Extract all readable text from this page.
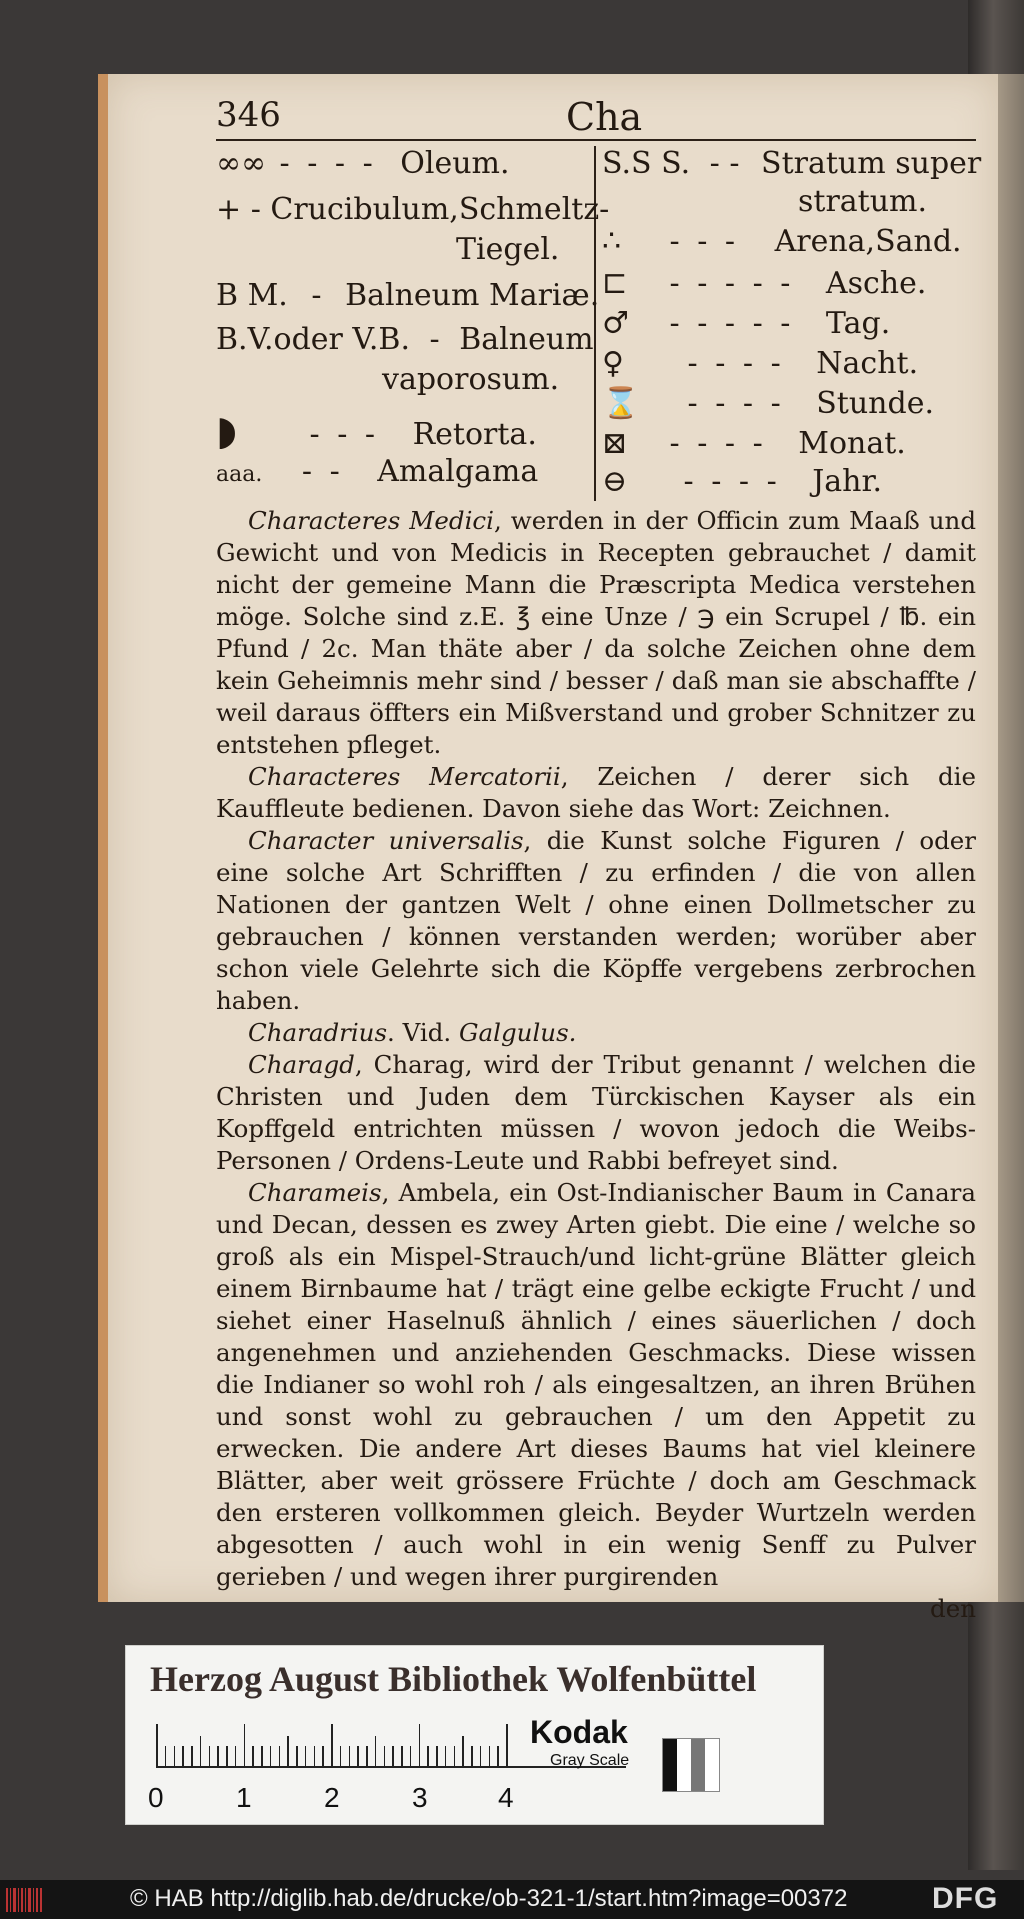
346	Cha
∞∞ - - - - Oleum.
+ - Crucibulum,Schmeltz-
Tiegel.
B M. - Balneum Mariæ.
B.V.oder V.B. - Balneum
vaporosum.
◗ - - - Retorta.
aaa. - - Amalgama
S.S S. - - Stratum super
stratum.
∴ - - - Arena,Sand.
⊏ - - - - - Asche.
♂ - - - - - Tag.
♀ - - - - Nacht.
⌛ - - - - Stunde.
⊠ - - - - Monat.
⊖ - - - - Jahr.

Characteres Medici, werden in der Officin zum Maaß und Gewicht und von Medicis in Recepten gebrauchet / damit nicht der gemeine Mann die Præscripta Medica verstehen möge. Solche sind z.E. ℥ eine Unze / ℈ ein Scrupel / ℔. ein Pfund / 2c. Man thäte aber / da solche Zeichen ohne dem kein Geheimnis mehr sind / besser / daß man sie abschaffte / weil daraus öffters ein Mißverstand und grober Schnitzer zu entstehen pfleget.

Characteres Mercatorii, Zeichen / derer sich die Kauffleute bedienen. Davon siehe das Wort: Zeichnen.

Character universalis, die Kunst solche Figuren / oder eine solche Art Schrifften / zu erfinden / die von allen Nationen der gantzen Welt / ohne einen Dollmetscher zu gebrauchen / können verstanden werden; worüber aber schon viele Gelehrte sich die Köpffe vergebens zerbrochen haben.

Charadrius. Vid. Galgulus.

Charagd, Charag, wird der Tribut genannt / welchen die Christen und Juden dem Türckischen Kayser als ein Kopffgeld entrichten müssen / wovon jedoch die Weibs-Personen / Ordens-Leute und Rabbi befreyet sind.

Charameis, Ambela, ein Ost-Indianischer Baum in Canara und Decan, dessen es zwey Arten giebt. Die eine / welche so groß als ein Mispel-Strauch/und licht-grüne Blätter gleich einem Birnbaume hat / trägt eine gelbe eckigte Frucht / und siehet einer Haselnuß ähnlich / eines säuerlichen / doch angenehmen und anziehenden Geschmacks. Diese wissen die Indianer so wohl roh / als eingesaltzen, an ihren Brühen und sonst wohl zu gebrauchen / um den Appetit zu erwecken. Die andere Art dieses Baums hat viel kleinere Blätter, aber weit grössere Früchte / doch am Geschmack den ersteren vollkommen gleich. Beyder Wurtzeln werden abgesotten / auch wohl in ein wenig Senff zu Pulver gerieben / und wegen ihrer purgirenden

den
Herzog August Bibliothek Wolfenbüttel
0	1	2	3	4
Kodak
Gray Scale
© HAB http://diglib.hab.de/drucke/ob-321-1/start.htm?image=00372	DFG
